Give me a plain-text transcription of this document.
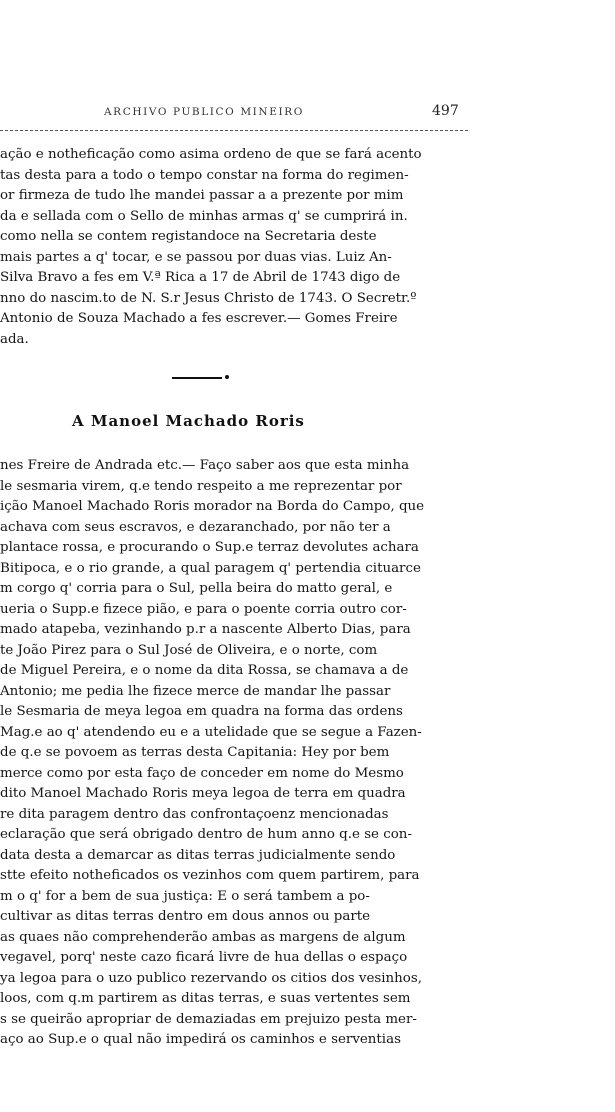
ARCHIVO PUBLICO MINEIRO	497
ação e notheficação como asima ordeno de que se fará acento
tas desta para a todo o tempo constar na forma do regimen-
or firmeza de tudo lhe mandei passar a a prezente por mim
da e sellada com o Sello de minhas armas q' se cumprirá in.
como nella se contem registandoce na Secretaria deste
mais partes a q' tocar, e se passou por duas vias. Luiz An-
Silva Bravo a fes em V.ª Rica a 17 de Abril de 1743 digo de
nno do nascim.to de N. S.r Jesus Christo de 1743. O Secretr.º
Antonio de Souza Machado a fes escrever.— Gomes Freire
ada.
A Manoel Machado Roris
nes Freire de Andrada etc.— Faço saber aos que esta minha
le sesmaria virem, q.e tendo respeito a me reprezentar por
ição Manoel Machado Roris morador na Borda do Campo, que
achava com seus escravos, e dezaranchado, por não ter a
plantace rossa, e procurando o Sup.e terraz devolutes achara
Bitipoca, e o rio grande, a qual paragem q' pertendia cituarce
m corgo q' corria para o Sul, pella beira do matto geral, e
ueria o Supp.e fizece pião, e para o poente corria outro cor-
mado atapeba, vezinhando p.r a nascente Alberto Dias, para
te João Pirez para o Sul José de Oliveira, e o norte, com
de Miguel Pereira, e o nome da dita Rossa, se chamava a de
Antonio; me pedia lhe fizece merce de mandar lhe passar
le Sesmaria de meya legoa em quadra na forma das ordens
Mag.e ao q' atendendo eu e a utelidade que se segue a Fazen-
de q.e se povoem as terras desta Capitania: Hey por bem
merce como por esta faço de conceder em nome do Mesmo
dito Manoel Machado Roris meya legoa de terra em quadra
re dita paragem dentro das confrontaçoenz mencionadas
eclaração que será obrigado dentro de hum anno q.e se con-
data desta a demarcar as ditas terras judicialmente sendo
stte efeito notheficados os vezinhos com quem partirem, para
m o q' for a bem de sua justiça: E o será tambem a po-
cultivar as ditas terras dentro em dous annos ou parte
as quaes não comprehenderão ambas as margens de algum
vegavel, porq' neste cazo ficará livre de hua dellas o espaço
ya legoa para o uzo publico rezervando os citios dos vesinhos,
loos, com q.m partirem as ditas terras, e suas vertentes sem
s se queirão apropriar de demaziadas em prejuizo pesta mer-
aço ao Sup.e o qual não impedirá os caminhos e serventias
